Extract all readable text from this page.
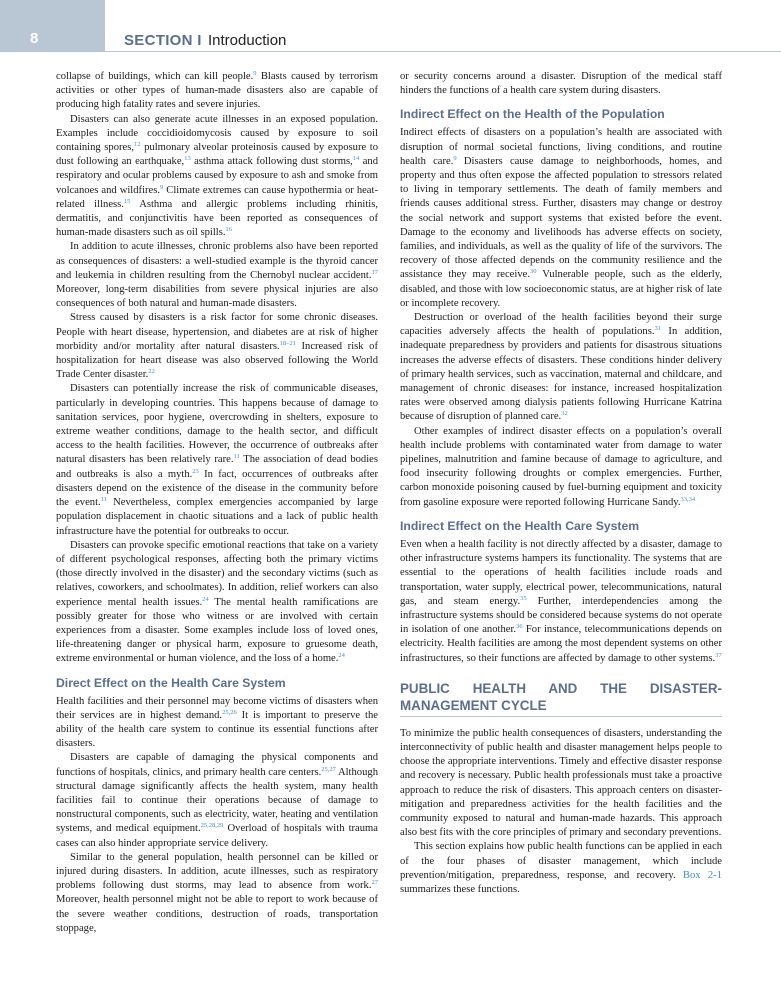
8	SECTION I Introduction

collapse of buildings, which can kill people.$^9$ Blasts caused by terrorism activities or other types of human-made disasters also are capable of producing high fatality rates and severe injuries.

Disasters can also generate acute illnesses in an exposed population. Examples include coccidioidomycosis caused by exposure to soil containing spores,$^{12}$ pulmonary alveolar proteinosis caused by exposure to dust following an earthquake,$^{13}$ asthma attack following dust storms,$^{14}$ and respiratory and ocular problems caused by exposure to ash and smoke from volcanoes and wildfires.$^9$ Climate extremes can cause hypothermia or heat-related illness.$^{15}$ Asthma and allergic problems including rhinitis, dermatitis, and conjunctivitis have been reported as consequences of human-made disasters such as oil spills.$^{16}$

In addition to acute illnesses, chronic problems also have been reported as consequences of disasters: a well-studied example is the thyroid cancer and leukemia in children resulting from the Chernobyl nuclear accident.$^{17}$ Moreover, long-term disabilities from severe physical injuries are also consequences of both natural and human-made disasters.

Stress caused by disasters is a risk factor for some chronic diseases. People with heart disease, hypertension, and diabetes are at risk of higher morbidity and/or mortality after natural disasters.$^{18-21}$ Increased risk of hospitalization for heart disease was also observed following the World Trade Center disaster.$^{22}$

Disasters can potentially increase the risk of communicable diseases, particularly in developing countries. This happens because of damage to sanitation services, poor hygiene, overcrowding in shelters, exposure to extreme weather conditions, damage to the health sector, and difficult access to the health facilities. However, the occurrence of outbreaks after natural disasters has been relatively rare.$^{11}$ The association of dead bodies and outbreaks is also a myth.$^{23}$ In fact, occurrences of outbreaks after disasters depend on the existence of the disease in the community before the event.$^{11}$ Nevertheless, complex emergencies accompanied by large population displacement in chaotic situations and a lack of public health infrastructure have the potential for outbreaks to occur.

Disasters can provoke specific emotional reactions that take on a variety of different psychological responses, affecting both the primary victims (those directly involved in the disaster) and the secondary victims (such as relatives, coworkers, and schoolmates). In addition, relief workers can also experience mental health issues.$^{24}$ The mental health ramifications are possibly greater for those who witness or are involved with certain experiences from a disaster. Some examples include loss of loved ones, life-threatening danger or physical harm, exposure to gruesome death, extreme environmental or human violence, and the loss of a home.$^{24}$

Direct Effect on the Health Care System

Health facilities and their personnel may become victims of disasters when their services are in highest demand.$^{25,26}$ It is important to preserve the ability of the health care system to continue its essential functions after disasters.

Disasters are capable of damaging the physical components and functions of hospitals, clinics, and primary health care centers.$^{25,27}$ Although structural damage significantly affects the health system, many health facilities fail to continue their operations because of damage to nonstructural components, such as electricity, water, heating and ventilation systems, and medical equipment.$^{25,28,29}$ Overload of hospitals with trauma cases can also hinder appropriate service delivery.

Similar to the general population, health personnel can be killed or injured during disasters. In addition, acute illnesses, such as respiratory problems following dust storms, may lead to absence from work.$^{27}$ Moreover, health personnel might not be able to report to work because of the severe weather conditions, destruction of roads, transportation stoppage,

or security concerns around a disaster. Disruption of the medical staff hinders the functions of a health care system during disasters.

Indirect Effect on the Health of the Population

Indirect effects of disasters on a population’s health are associated with disruption of normal societal functions, living conditions, and routine health care.$^9$ Disasters cause damage to neighborhoods, homes, and property and thus often expose the affected population to stressors related to living in temporary settlements. The death of family members and friends causes additional stress. Further, disasters may change or destroy the social network and support systems that existed before the event. Damage to the economy and livelihoods has adverse effects on society, families, and individuals, as well as the quality of life of the survivors. The recovery of those affected depends on the community resilience and the assistance they may receive.$^{30}$ Vulnerable people, such as the elderly, disabled, and those with low socioeconomic status, are at higher risk of late or incomplete recovery.

Destruction or overload of the health facilities beyond their surge capacities adversely affects the health of populations.$^{31}$ In addition, inadequate preparedness by providers and patients for disastrous situations increases the adverse effects of disasters. These conditions hinder delivery of primary health services, such as vaccination, maternal and childcare, and management of chronic diseases: for instance, increased hospitalization rates were observed among dialysis patients following Hurricane Katrina because of disruption of planned care.$^{32}$

Other examples of indirect disaster effects on a population’s overall health include problems with contaminated water from damage to water pipelines, malnutrition and famine because of damage to agriculture, and food insecurity following droughts or complex emergencies. Further, carbon monoxide poisoning caused by fuel-burning equipment and toxicity from gasoline exposure were reported following Hurricane Sandy.$^{33,34}$

Indirect Effect on the Health Care System

Even when a health facility is not directly affected by a disaster, damage to other infrastructure systems hampers its functionality. The systems that are essential to the operations of health facilities include roads and transportation, water supply, electrical power, telecommunications, natural gas, and steam energy.$^{35}$ Further, interdependencies among the infrastructure systems should be considered because systems do not operate in isolation of one another.$^{36}$ For instance, telecommunications depends on electricity. Health facilities are among the most dependent systems on other infrastructures, so their functions are affected by damage to other systems.$^{37}$

PUBLIC HEALTH AND THE DISASTER-MANAGEMENT CYCLE

To minimize the public health consequences of disasters, understanding the interconnectivity of public health and disaster management helps people to choose the appropriate interventions. Timely and effective disaster response and recovery is necessary. Public health professionals must take a proactive approach to reduce the risk of disasters. This approach centers on disaster-mitigation and preparedness activities for the health facilities and the community exposed to natural and human-made hazards. This approach also best fits with the core principles of primary and secondary preventions.

This section explains how public health functions can be applied in each of the four phases of disaster management, which include prevention/mitigation, preparedness, response, and recovery. Box 2-1 summarizes these functions.
